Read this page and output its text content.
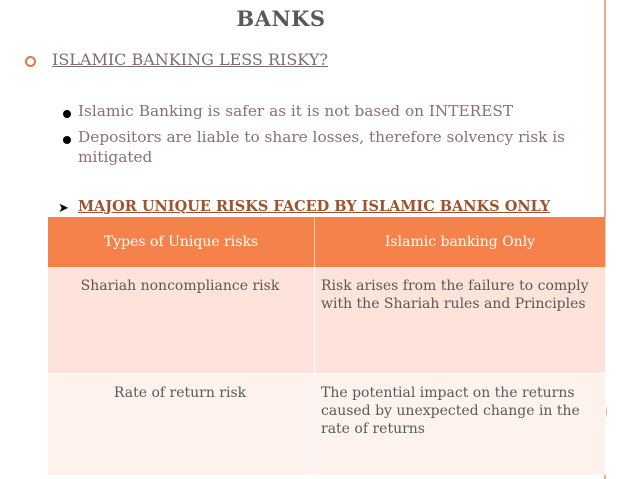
BANKS
ISLAMIC BANKING LESS RISKY?
Islamic Banking is safer as it is not based on INTEREST
Depositors are liable to share losses, therefore solvency risk is mitigated
➤ MAJOR UNIQUE RISKS FACED BY ISLAMIC BANKS ONLY
Types of Unique risks	Islamic banking Only
Shariah noncompliance risk	Risk arises from the failure to comply with the Shariah rules and Principles
Rate of return risk	The potential impact on the returns caused by unexpected change in the rate of returns
